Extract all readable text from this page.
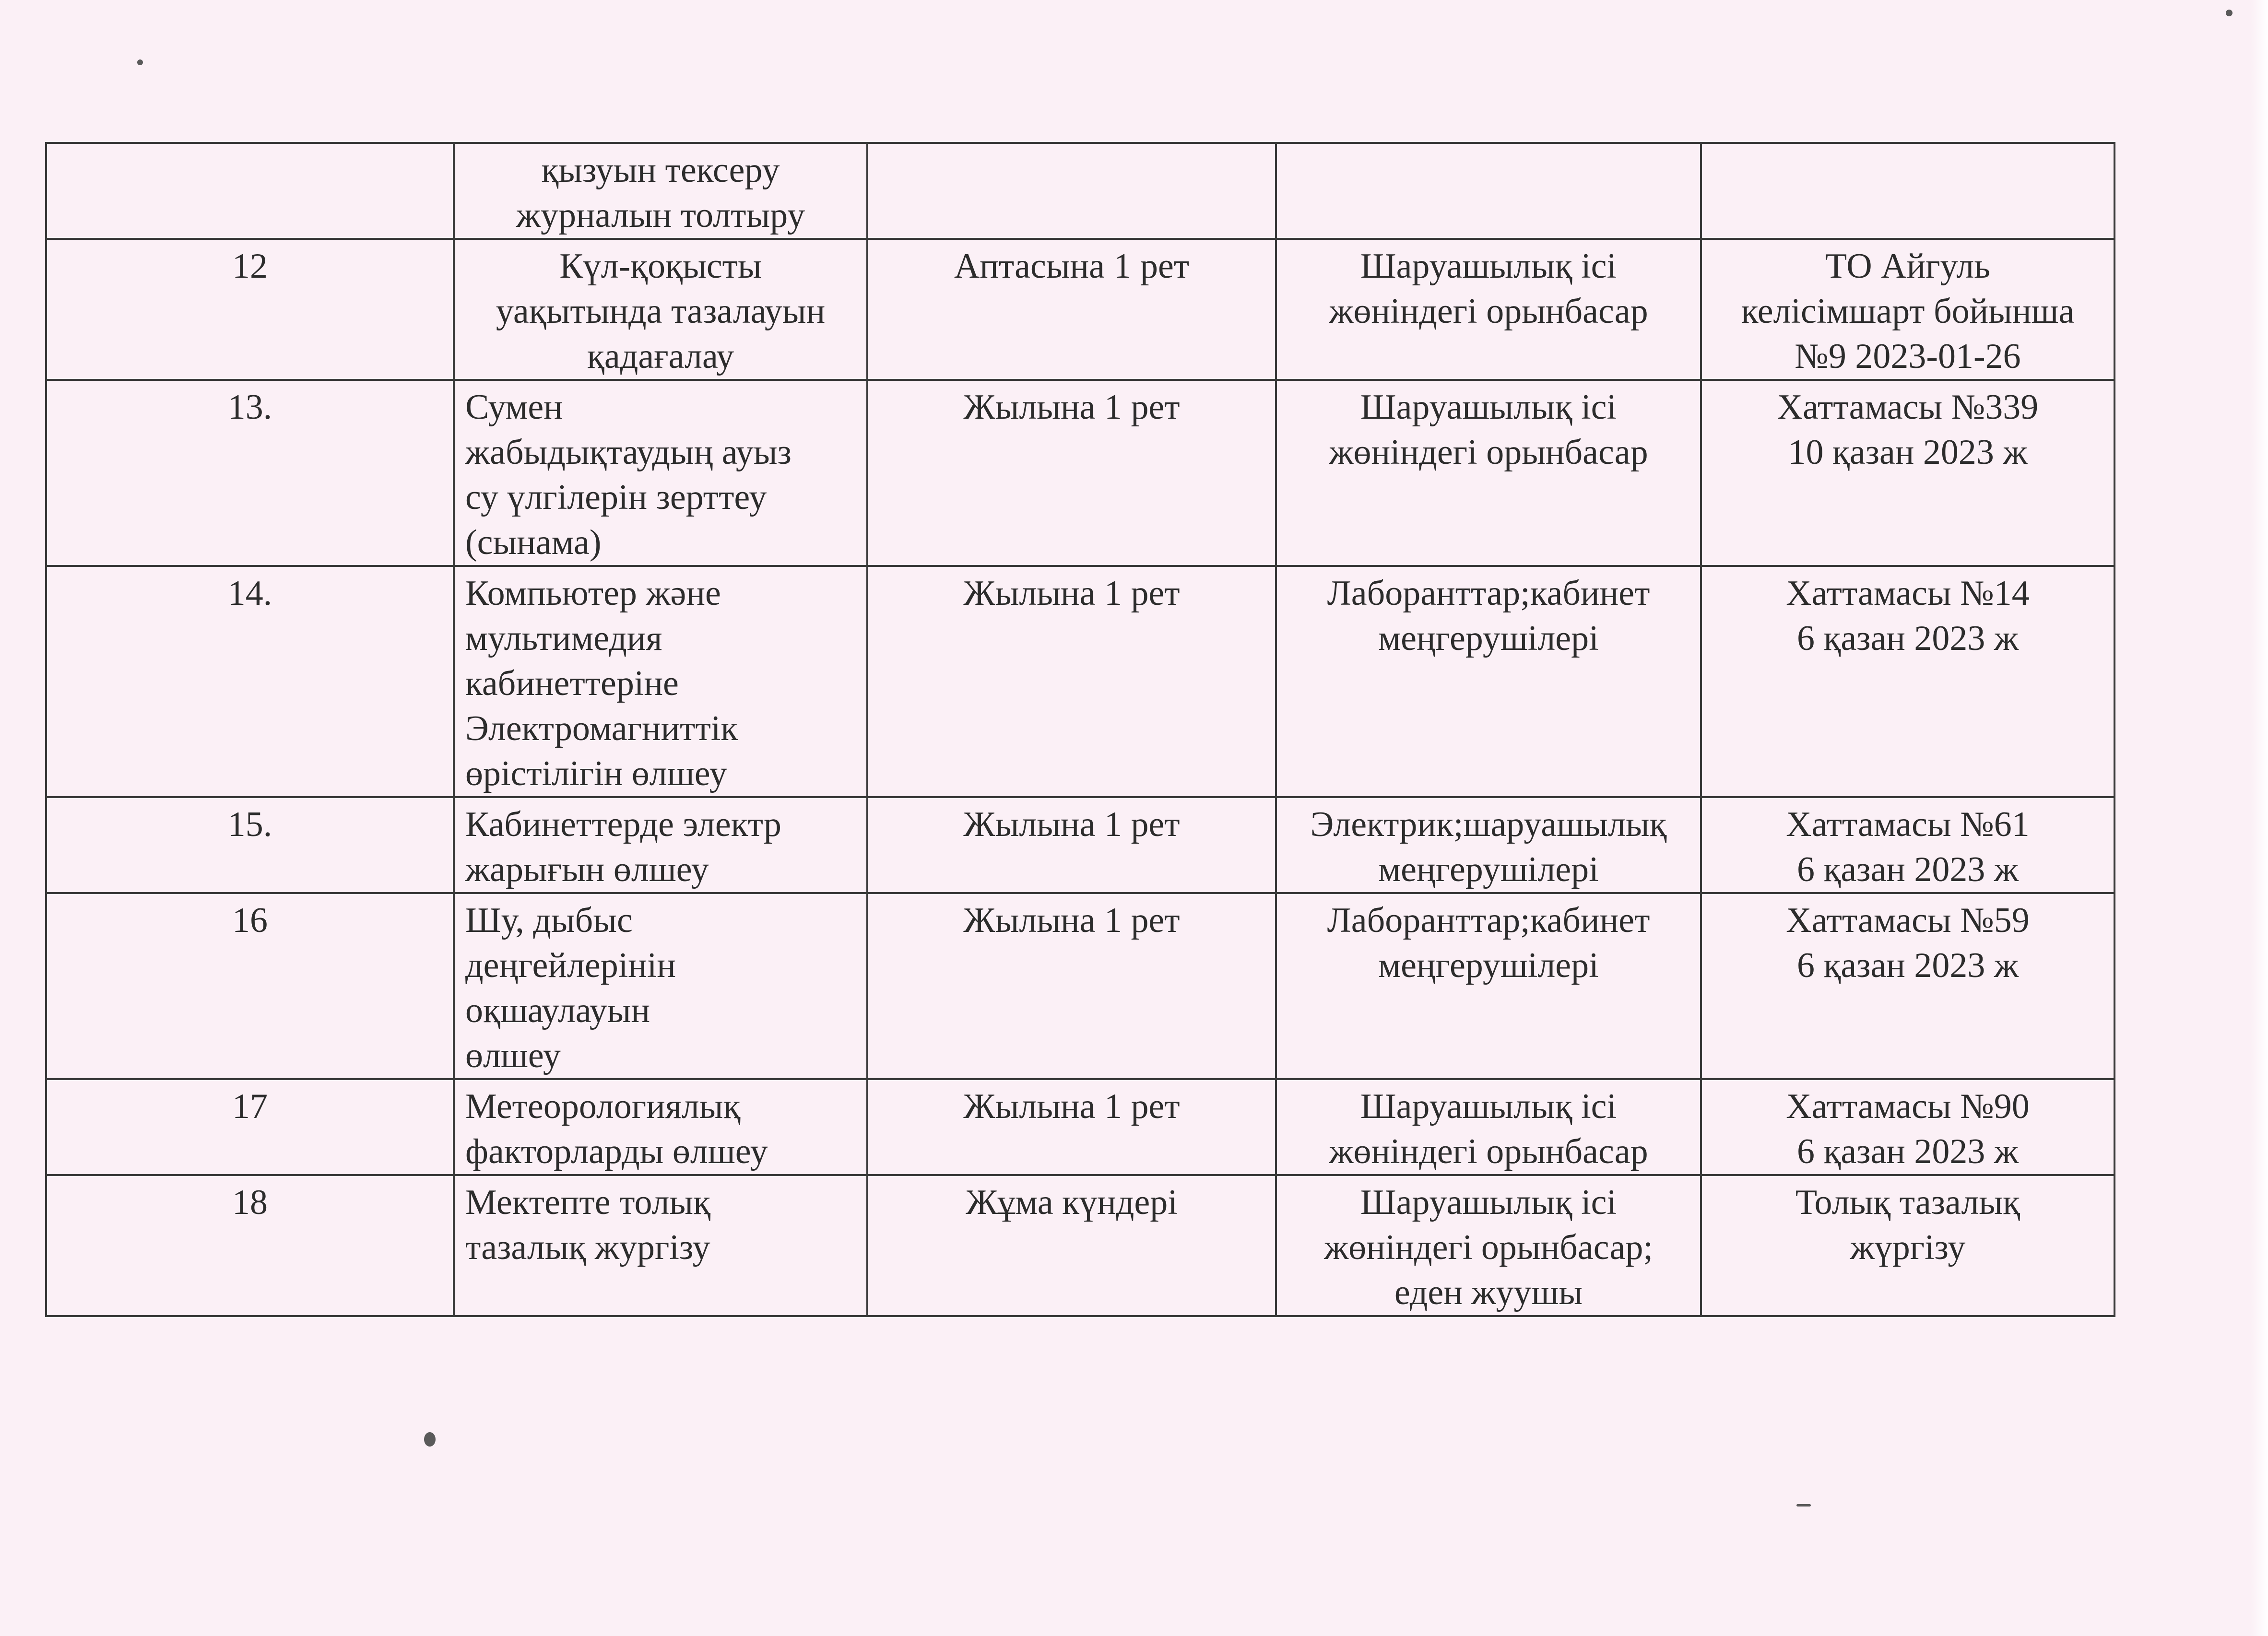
	қызуын тексеру
журналын толтыру			
12	Күл-қоқысты
уақытында тазалауын
қадағалау	Аптасына 1 рет	Шаруашылық ісі
жөніндегі орынбасар	ТО Айгуль
келісімшарт бойынша
№9 2023-01-26
13.	Сумен
жабыдықтаудың ауыз
су үлгілерін зерттеу
(сынама)	Жылына 1 рет	Шаруашылық ісі
жөніндегі орынбасар	Хаттамасы №339
10 қазан 2023 ж
14.	Компьютер және
мультимедия
кабинеттеріне
Электромагниттік
өрістілігін өлшеу	Жылына 1 рет	Лаборанттар;кабинет
меңгерушілері	Хаттамасы №14
6 қазан 2023 ж
15.	Кабинеттерде электр
жарығын өлшеу	Жылына 1 рет	Электрик;шаруашылық
меңгерушілері	Хаттамасы №61
6 қазан 2023 ж
16	Шу, дыбыс
деңгейлерінін
оқшаулауын
өлшеу	Жылына 1 рет	Лаборанттар;кабинет
меңгерушілері	Хаттамасы №59
6 қазан 2023 ж
17	Метеорологиялық
факторларды өлшеу	Жылына 1 рет	Шаруашылық ісі
жөніндегі орынбасар	Хаттамасы №90
6 қазан 2023 ж
18	Мектепте толық
тазалық жургізу	Жұма күндері	Шаруашылық ісі
жөніндегі орынбасар;
еден жуушы	Толық тазалық
жүргізу
